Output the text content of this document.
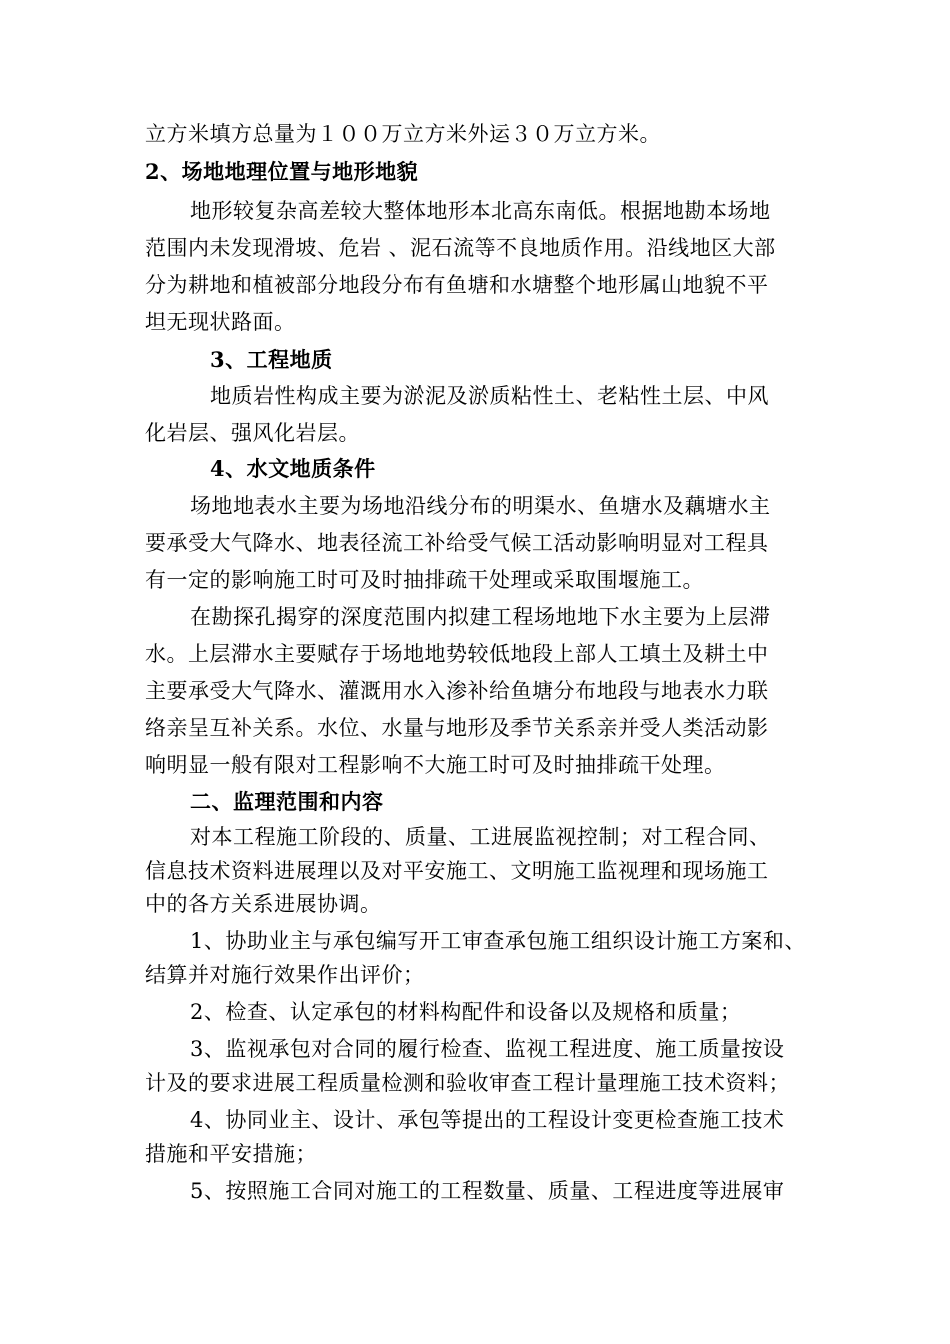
立方米填方总量为１００万立方米外运３０万立方米。
2、场地地理位置与地形地貌
地形较复杂高差较大整体地形本北高东南低。根据地勘本场地
范围内未发现滑坡、危岩 、泥石流等不良地质作用。沿线地区大部
分为耕地和植被部分地段分布有鱼塘和水塘整个地形属山地貌不平
坦无现状路面。
3、工程地质
地质岩性构成主要为淤泥及淤质粘性土、老粘性土层、中风
化岩层、强风化岩层。
4、水文地质条件
场地地表水主要为场地沿线分布的明渠水、鱼塘水及藕塘水主
要承受大气降水、地表径流工补给受气候工活动影响明显对工程具
有一定的影响施工时可及时抽排疏干处理或采取围堰施工。
在勘探孔揭穿的深度范围内拟建工程场地地下水主要为上层滞
水。上层滞水主要赋存于场地地势较低地段上部人工填土及耕土中
主要承受大气降水、灌溉用水入渗补给鱼塘分布地段与地表水力联
络亲呈互补关系。水位、水量与地形及季节关系亲并受人类活动影
响明显一般有限对工程影响不大施工时可及时抽排疏干处理。
二、监理范围和内容
对本工程施工阶段的、质量、工进展监视控制；对工程合同、
信息技术资料进展理以及对平安施工、文明施工监视理和现场施工
中的各方关系进展协调。
1、协助业主与承包编写开工审查承包施工组织设计施工方案和、
结算并对施行效果作出评价；
2、检查、认定承包的材料构配件和设备以及规格和质量；
3、监视承包对合同的履行检查、监视工程进度、施工质量按设
计及的要求进展工程质量检测和验收审查工程计量理施工技术资料；
4、协同业主、设计、承包等提出的工程设计变更检查施工技术
措施和平安措施；
5、按照施工合同对施工的工程数量、质量、工程进度等进展审
